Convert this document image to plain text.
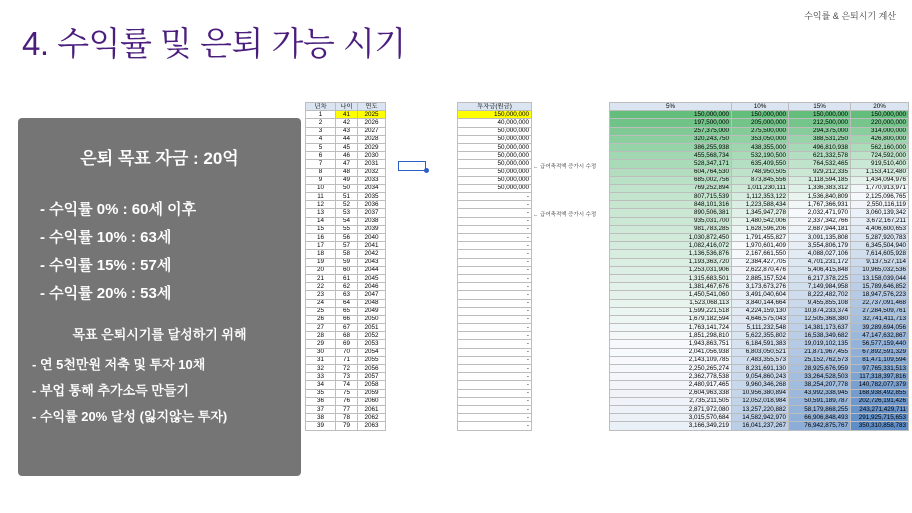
수익률 & 은퇴시기 계산
4. 수익률 및 은퇴 가능 시기
은퇴 목표 자금 : 20억
- 수익률 0% : 60세 이후
- 수익률 10% : 63세
- 수익률 15% : 57세
- 수익률 20% : 53세
목표 은퇴시기를 달성하기 위해
- 연 5천만원 저축 및 투자 10채
- 부업 통해 추가소득 만들기
- 수익률 20% 달성 (잃지않는 투자)
년차	나이	연도
1	41	2025
2	42	2026
3	43	2027
4	44	2028
5	45	2029
6	46	2030
7	47	2031
8	48	2032
9	49	2033
10	50	2034
11	51	2035
12	52	2036
13	53	2037
14	54	2038
15	55	2039
16	56	2040
17	57	2041
18	58	2042
19	59	2043
20	60	2044
21	61	2045
22	62	2046
23	63	2047
24	64	2048
25	65	2049
26	66	2050
27	67	2051
28	68	2052
29	69	2053
30	70	2054
31	71	2055
32	72	2056
33	73	2057
34	74	2058
35	75	2059
36	76	2060
37	77	2061
38	78	2062
39	79	2063
투자금(원금)
150,000,000
40,000,000
50,000,000
50,000,000
50,000,000
50,000,000
50,000,000
50,000,000
50,000,000
50,000,000
-
-
-
-
-
-
-
-
-
-
-
-
-
-
-
-
-
-
-
-
-
-
-
-
-
-
-
-
-
← 급여축적액 증가시 수정
← 급여축적액 증가시 수정
5%	10%	15%	20%
150,000,000	150,000,000	150,000,000	150,000,000
197,500,000	205,000,000	212,500,000	220,000,000
257,375,000	275,500,000	294,375,000	314,000,000
320,243,750	353,050,000	388,531,250	426,800,000
386,255,938	438,355,000	496,810,938	562,160,000
455,568,734	532,190,500	621,332,578	724,592,000
528,347,171	635,409,550	764,532,465	919,510,400
604,764,530	748,950,505	929,212,335	1,153,412,480
685,002,756	873,845,556	1,118,594,185	1,434,094,976
769,252,894	1,011,230,111	1,336,383,312	1,770,913,971
807,715,539	1,112,353,122	1,536,840,809	2,125,096,765
848,101,316	1,223,588,434	1,767,366,931	2,550,116,119
890,506,381	1,345,947,278	2,032,471,970	3,060,139,342
935,031,700	1,480,542,006	2,337,342,766	3,672,167,211
981,783,285	1,628,596,206	2,687,944,181	4,406,600,653
1,030,872,450	1,791,455,827	3,091,135,808	5,287,920,783
1,082,416,072	1,970,601,409	3,554,806,179	6,345,504,940
1,136,536,876	2,167,661,550	4,088,027,106	7,614,605,928
1,193,363,720	2,384,427,705	4,701,231,172	9,137,527,114
1,253,031,906	2,622,870,476	5,406,415,848	10,965,032,536
1,315,683,501	2,885,157,524	6,217,378,225	13,158,039,044
1,381,467,676	3,173,673,276	7,149,984,958	15,789,646,852
1,450,541,060	3,491,040,604	8,222,482,702	18,947,576,223
1,523,068,113	3,840,144,664	9,455,855,108	22,737,091,468
1,599,221,518	4,224,159,130	10,874,233,374	27,284,509,761
1,679,182,594	4,646,575,043	12,505,368,380	32,741,411,713
1,763,141,724	5,111,232,548	14,381,173,637	39,289,694,056
1,851,298,810	5,622,355,802	16,538,349,682	47,147,632,867
1,943,863,751	6,184,591,383	19,019,102,135	56,577,159,440
2,041,056,938	6,803,050,521	21,871,967,455	67,892,591,329
2,143,109,785	7,483,355,573	25,152,762,573	81,471,109,594
2,250,265,274	8,231,691,130	28,925,676,959	97,765,331,513
2,362,778,538	9,054,860,243	33,264,528,503	117,318,397,816
2,480,917,465	9,960,346,268	38,254,207,778	140,782,077,379
2,604,963,338	10,956,380,894	43,992,338,945	168,938,492,855
2,735,211,505	12,052,018,984	50,591,189,787	202,726,191,426
2,871,972,080	13,257,220,882	58,179,868,255	243,271,429,711
3,015,570,684	14,582,942,970	66,906,848,493	291,925,715,653
3,166,349,219	16,041,237,267	76,942,875,767	350,310,858,783
